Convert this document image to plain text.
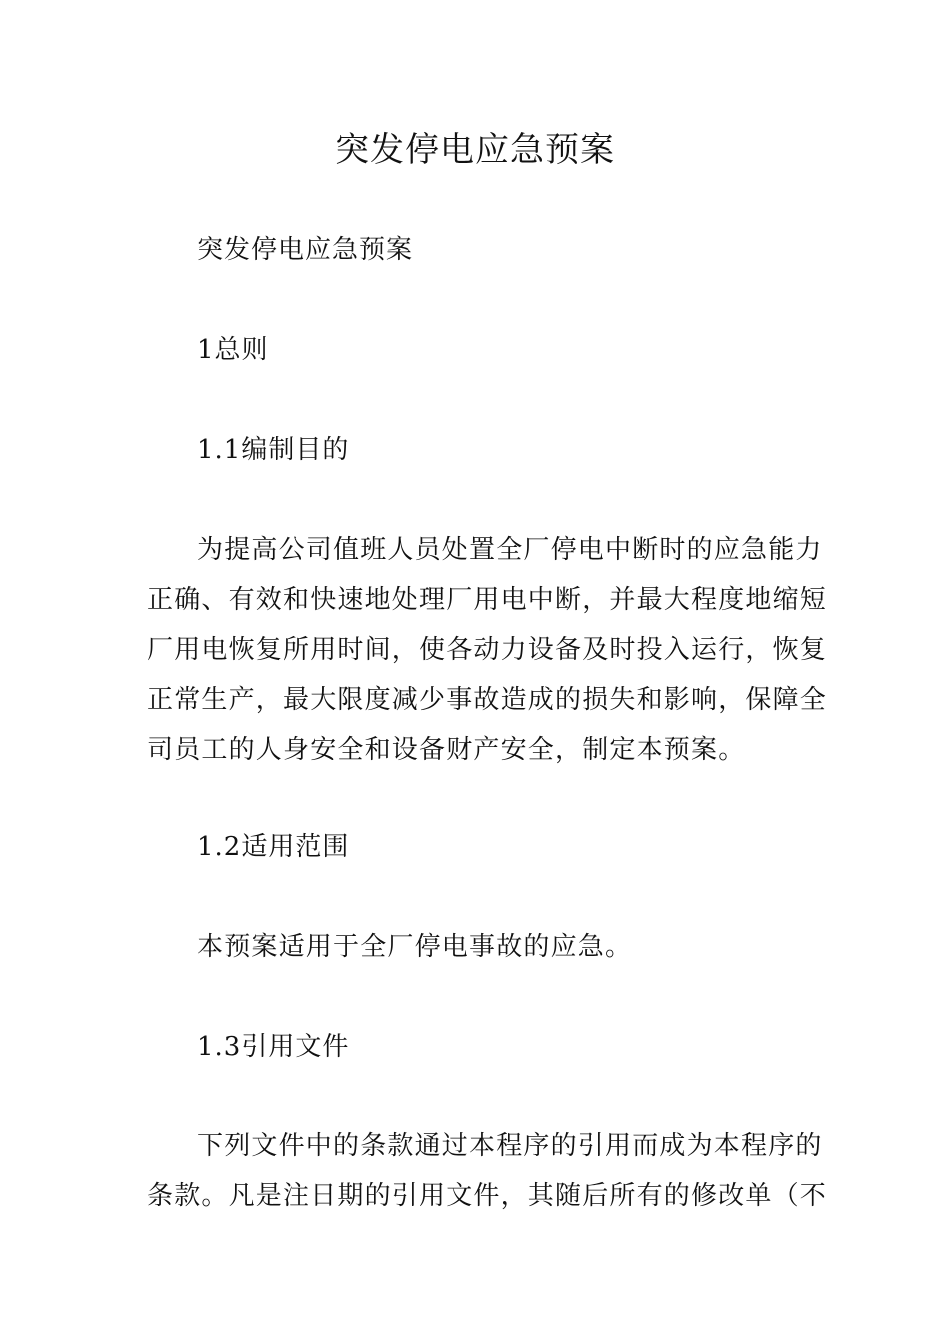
突发停电应急预案

突发停电应急预案

1总则

1.1编制目的

为提高公司值班人员处置全厂停电中断时的应急能力

正确、有效和快速地处理厂用电中断，并最大程度地缩短

厂用电恢复所用时间，使各动力设备及时投入运行，恢复

正常生产，最大限度减少事故造成的损失和影响，保障全

司员工的人身安全和设备财产安全，制定本预案。

1.2适用范围

本预案适用于全厂停电事故的应急。

1.3引用文件

下列文件中的条款通过本程序的引用而成为本程序的

条款。凡是注日期的引用文件，其随后所有的修改单（不
